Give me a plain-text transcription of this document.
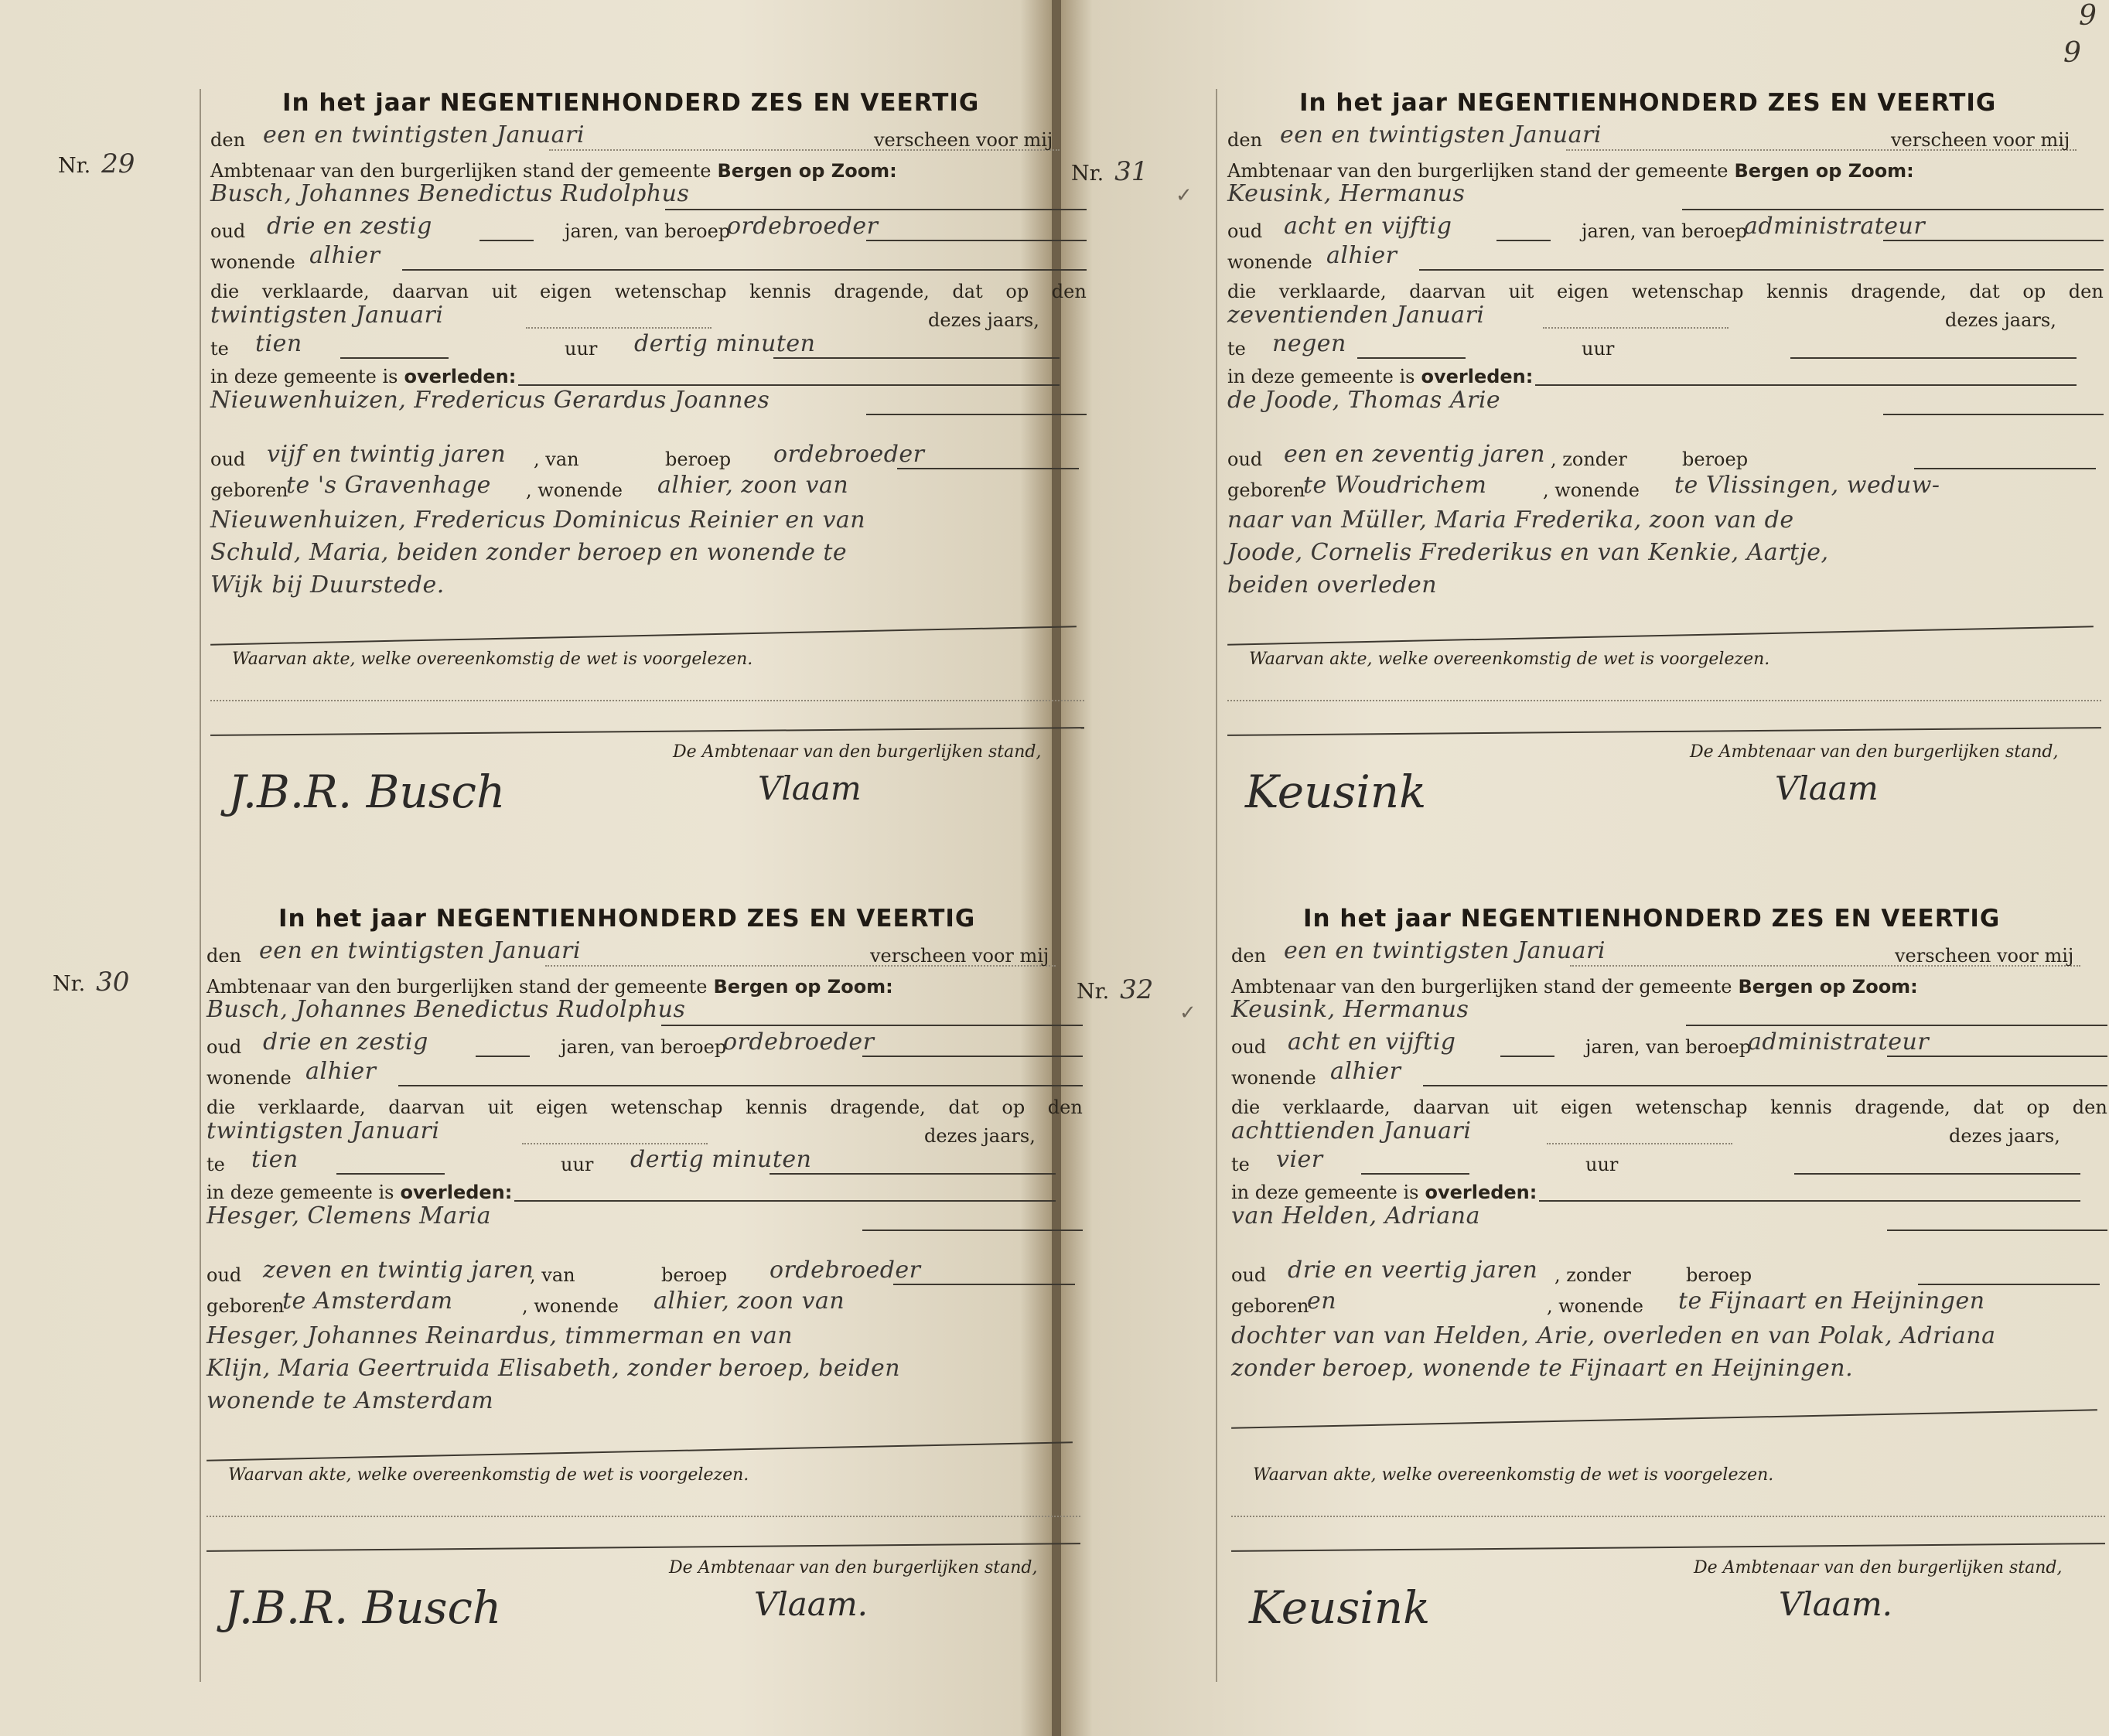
9
9
Nr. 29
Nr. 30
Nr. 31
✓
Nr. 32
✓
In het jaar NEGENTIENHONDERD ZES EN VEERTIG
den een en twintigsten Januari	verscheen voor mij
Ambtenaar van den burgerlijken stand der gemeente Bergen op Zoom:
Busch, Johannes Benedictus Rudolphus
oud drie en zestig	jaren, van beroep
ordebroeder
wonende alhier
die verklaarde, daarvan uit eigen wetenschap kennis dragende, dat op den
twintigsten Januari	dezes jaars,
te tien	uur dertig minuten
in deze gemeente is overleden:
Nieuwenhuizen, Fredericus Gerardus Joannes
oud vijf en twintig jaren , van	beroep ordebroeder
geboren
te 's Gravenhage , wonende alhier, zoon van
Nieuwenhuizen, Fredericus Dominicus Reinier en van
Schuld, Maria, beiden zonder beroep en wonende te
Wijk bij Duurstede.
Waarvan akte, welke overeenkomstig de wet is voorgelezen.
De Ambtenaar van den burgerlijken stand,
J.B.R. Busch	Vlaam
In het jaar NEGENTIENHONDERD ZES EN VEERTIG
den een en twintigsten Januari	verscheen voor mij
Ambtenaar van den burgerlijken stand der gemeente Bergen op Zoom:
Busch, Johannes Benedictus Rudolphus
oud drie en zestig	jaren, van beroep
ordebroeder
wonende alhier
die verklaarde, daarvan uit eigen wetenschap kennis dragende, dat op den
twintigsten Januari	dezes jaars,
te tien	uur dertig minuten
in deze gemeente is overleden:
Hesger, Clemens Maria
oud zeven en twintig jaren
, van	beroep ordebroeder
geboren
te Amsterdam	, wonende alhier, zoon van
Hesger, Johannes Reinardus, timmerman en van
Klijn, Maria Geertruida Elisabeth, zonder beroep, beiden
wonende te Amsterdam
Waarvan akte, welke overeenkomstig de wet is voorgelezen.
De Ambtenaar van den burgerlijken stand,
J.B.R. Busch	Vlaam.
In het jaar NEGENTIENHONDERD ZES EN VEERTIG
den een en twintigsten Januari	verscheen voor mij
Ambtenaar van den burgerlijken stand der gemeente Bergen op Zoom:
Keusink, Hermanus
oud acht en vijftig	jaren, van beroep
administrateur
wonende alhier
die verklaarde, daarvan uit eigen wetenschap kennis dragende, dat op den
zeventienden Januari	dezes jaars,
te negen	uur
in deze gemeente is overleden:
de Joode, Thomas Arie
oud een en zeventig jaren , zonder	beroep
geboren
te Woudrichem	, wonende te Vlissingen, weduw-
naar van Müller, Maria Frederika, zoon van de
Joode, Cornelis Frederikus en van Kenkie, Aartje,
beiden overleden
Waarvan akte, welke overeenkomstig de wet is voorgelezen.
De Ambtenaar van den burgerlijken stand,
Keusink	Vlaam
In het jaar NEGENTIENHONDERD ZES EN VEERTIG
den een en twintigsten Januari	verscheen voor mij
Ambtenaar van den burgerlijken stand der gemeente Bergen op Zoom:
Keusink, Hermanus
oud acht en vijftig	jaren, van beroep
administrateur
wonende alhier
die verklaarde, daarvan uit eigen wetenschap kennis dragende, dat op den
achttienden Januari	dezes jaars,
te vier	uur
in deze gemeente is overleden:
van Helden, Adriana
oud drie en veertig jaren , zonder	beroep
geboren
en	, wonende te Fijnaart en Heijningen
dochter van van Helden, Arie, overleden en van Polak, Adriana
zonder beroep, wonende te Fijnaart en Heijningen.
Waarvan akte, welke overeenkomstig de wet is voorgelezen.
De Ambtenaar van den burgerlijken stand,
Keusink	Vlaam.
